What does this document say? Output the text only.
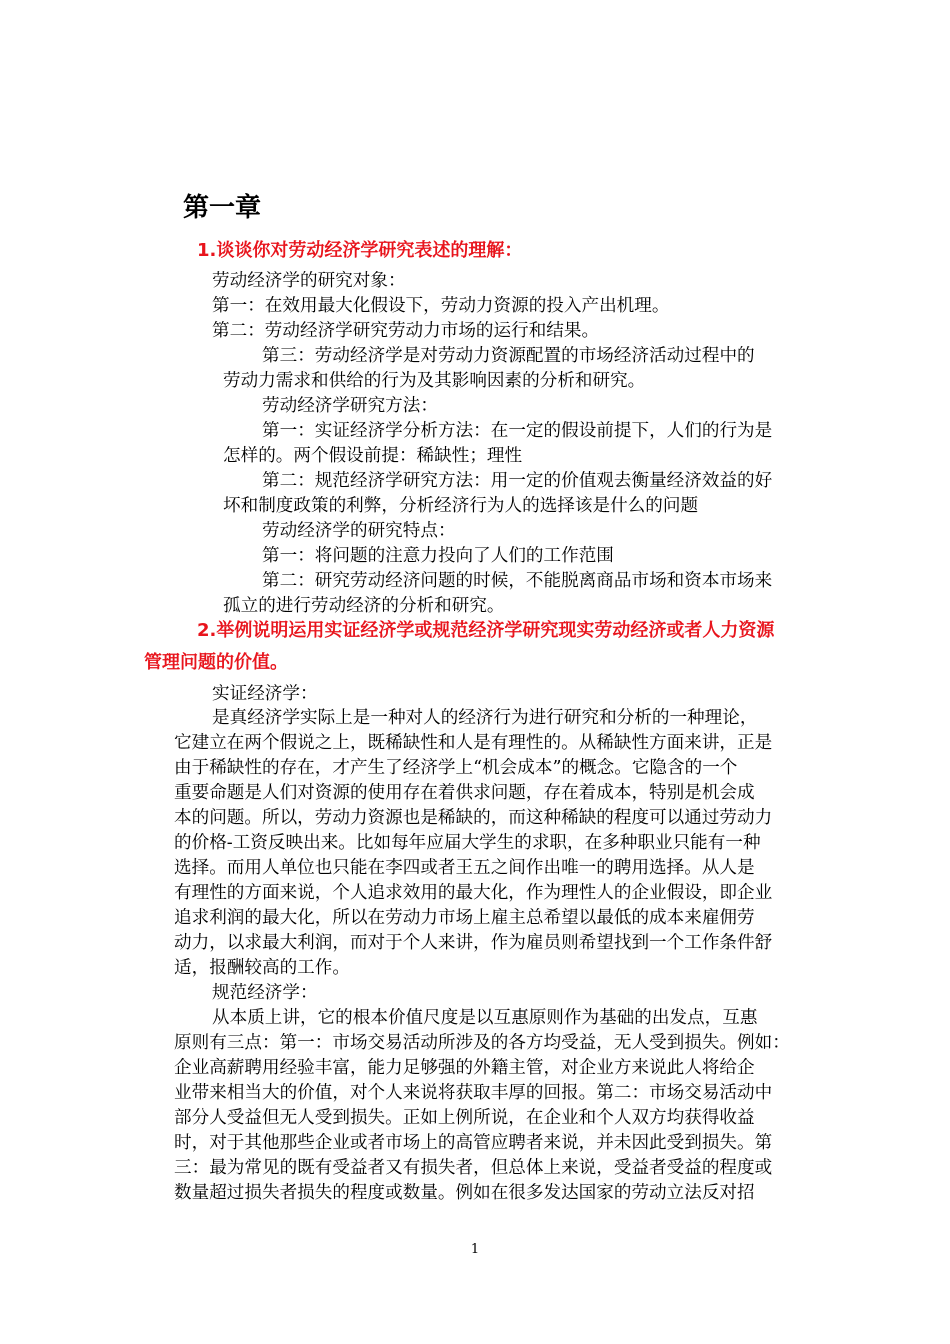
第一章
1.谈谈你对劳动经济学研究表述的理解：
劳动经济学的研究对象：
第一：在效用最大化假设下，劳动力资源的投入产出机理。
第二：劳动经济学研究劳动力市场的运行和结果。
第三：劳动经济学是对劳动力资源配置的市场经济活动过程中的
劳动力需求和供给的行为及其影响因素的分析和研究。
劳动经济学研究方法：
第一：实证经济学分析方法：在一定的假设前提下，人们的行为是
怎样的。两个假设前提：稀缺性；理性
第二：规范经济学研究方法：用一定的价值观去衡量经济效益的好
坏和制度政策的利弊，分析经济行为人的选择该是什么的问题
劳动经济学的研究特点：
第一：将问题的注意力投向了人们的工作范围
第二：研究劳动经济问题的时候，不能脱离商品市场和资本市场来
孤立的进行劳动经济的分析和研究。
2.举例说明运用实证经济学或规范经济学研究现实劳动经济或者人力资源
管理问题的价值。
实证经济学：
是真经济学实际上是一种对人的经济行为进行研究和分析的一种理论，
它建立在两个假说之上，既稀缺性和人是有理性的。从稀缺性方面来讲，正是
由于稀缺性的存在，才产生了经济学上“机会成本”的概念。它隐含的一个
重要命题是人们对资源的使用存在着供求问题，存在着成本，特别是机会成
本的问题。所以，劳动力资源也是稀缺的，而这种稀缺的程度可以通过劳动力
的价格-工资反映出来。比如每年应届大学生的求职，在多种职业只能有一种
选择。而用人单位也只能在李四或者王五之间作出唯一的聘用选择。从人是
有理性的方面来说，个人追求效用的最大化，作为理性人的企业假设，即企业
追求利润的最大化，所以在劳动力市场上雇主总希望以最低的成本来雇佣劳
动力，以求最大利润，而对于个人来讲，作为雇员则希望找到一个工作条件舒
适，报酬较高的工作。
规范经济学：
从本质上讲，它的根本价值尺度是以互惠原则作为基础的出发点，互惠
原则有三点：第一：市场交易活动所涉及的各方均受益，无人受到损失。例如：
企业高薪聘用经验丰富，能力足够强的外籍主管，对企业方来说此人将给企
业带来相当大的价值，对个人来说将获取丰厚的回报。第二：市场交易活动中
部分人受益但无人受到损失。正如上例所说，在企业和个人双方均获得收益
时，对于其他那些企业或者市场上的高管应聘者来说，并未因此受到损失。第
三：最为常见的既有受益者又有损失者，但总体上来说，受益者受益的程度或
数量超过损失者损失的程度或数量。例如在很多发达国家的劳动立法反对招
1
